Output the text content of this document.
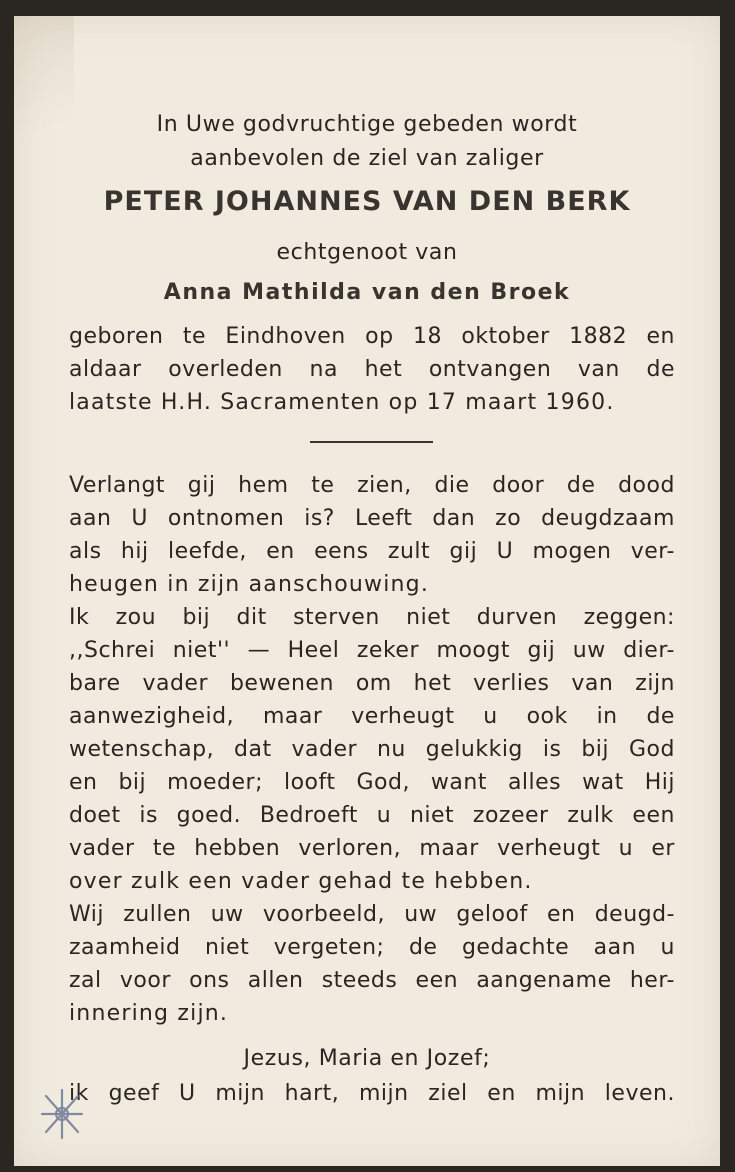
In Uwe godvruchtige gebeden wordt
aanbevolen de ziel van zaliger
PETER JOHANNES VAN DEN BERK
echtgenoot van
Anna Mathilda van den Broek
geboren te Eindhoven op 18 oktober 1882 en
aldaar overleden na het ontvangen van de
laatste H.H. Sacramenten op 17 maart 1960.
Verlangt gij hem te zien, die door de dood
aan U ontnomen is? Leeft dan zo deugdzaam
als hij leefde, en eens zult gij U mogen ver-
heugen in zijn aanschouwing.
Ik zou bij dit sterven niet durven zeggen:
,,Schrei niet'' — Heel zeker moogt gij uw dier-
bare vader bewenen om het verlies van zijn
aanwezigheid, maar verheugt u ook in de
wetenschap, dat vader nu gelukkig is bij God
en bij moeder; looft God, want alles wat Hij
doet is goed. Bedroeft u niet zozeer zulk een
vader te hebben verloren, maar verheugt u er
over zulk een vader gehad te hebben.
Wij zullen uw voorbeeld, uw geloof en deugd-
zaamheid niet vergeten; de gedachte aan u
zal voor ons allen steeds een aangename her-
innering zijn.
Jezus, Maria en Jozef;
ik geef U mijn hart, mijn ziel en mijn leven.
